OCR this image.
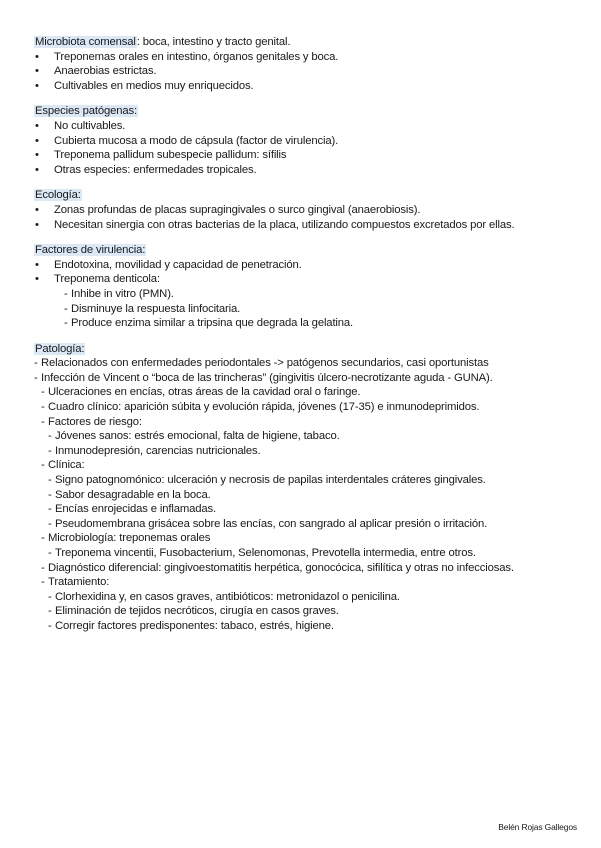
Microbiota comensal: boca, intestino y tracto genital.

• Treponemas orales en intestino, órganos genitales y boca.
• Anaerobias estrictas.
• Cultivables en medios muy enriquecidos.

Especies patógenas:

• No cultivables.
• Cubierta mucosa a modo de cápsula (factor de virulencia).
• Treponema pallidum subespecie pallidum: sífilis
• Otras especies: enfermedades tropicales.

Ecología:

• Zonas profundas de placas supragingivales o surco gingival (anaerobiosis).
• Necesitan sinergia con otras bacterias de la placa, utilizando compuestos excretados por ellas.

Factores de virulencia:

• Endotoxina, movilidad y capacidad de penetración.
• Treponema denticola:
- Inhibe in vitro (PMN).
- Disminuye la respuesta linfocitaria.
- Produce enzima similar a tripsina que degrada la gelatina.

Patología:

- Relacionados con enfermedades periodontales -> patógenos secundarios, casi oportunistas
- Infección de Vincent o “boca de las trincheras” (gingivitis úlcero-necrotizante aguda - GUNA).
- Ulceraciones en encías, otras áreas de la cavidad oral o faringe.
- Cuadro clínico: aparición súbita y evolución rápida, jóvenes (17-35) e inmunodeprimidos.
- Factores de riesgo:
- Jóvenes sanos: estrés emocional, falta de higiene, tabaco.
- Inmunodepresión, carencias nutricionales.
- Clínica:
- Signo patognomónico: ulceración y necrosis de papilas interdentales cráteres gingivales.
- Sabor desagradable en la boca.
- Encías enrojecidas e inflamadas.
- Pseudomembrana grisácea sobre las encías, con sangrado al aplicar presión o irritación.
- Microbiología: treponemas orales
- Treponema vincentii, Fusobacterium, Selenomonas, Prevotella intermedia, entre otros.
- Diagnóstico diferencial: gingivoestomatitis herpética, gonocócica, sifilítica y otras no infecciosas.
- Tratamiento:
- Clorhexidina y, en casos graves, antibióticos: metronidazol o penicilina.
- Eliminación de tejidos necróticos, cirugía en casos graves.
- Corregir factores predisponentes: tabaco, estrés, higiene.
Belén Rojas Gallegos
